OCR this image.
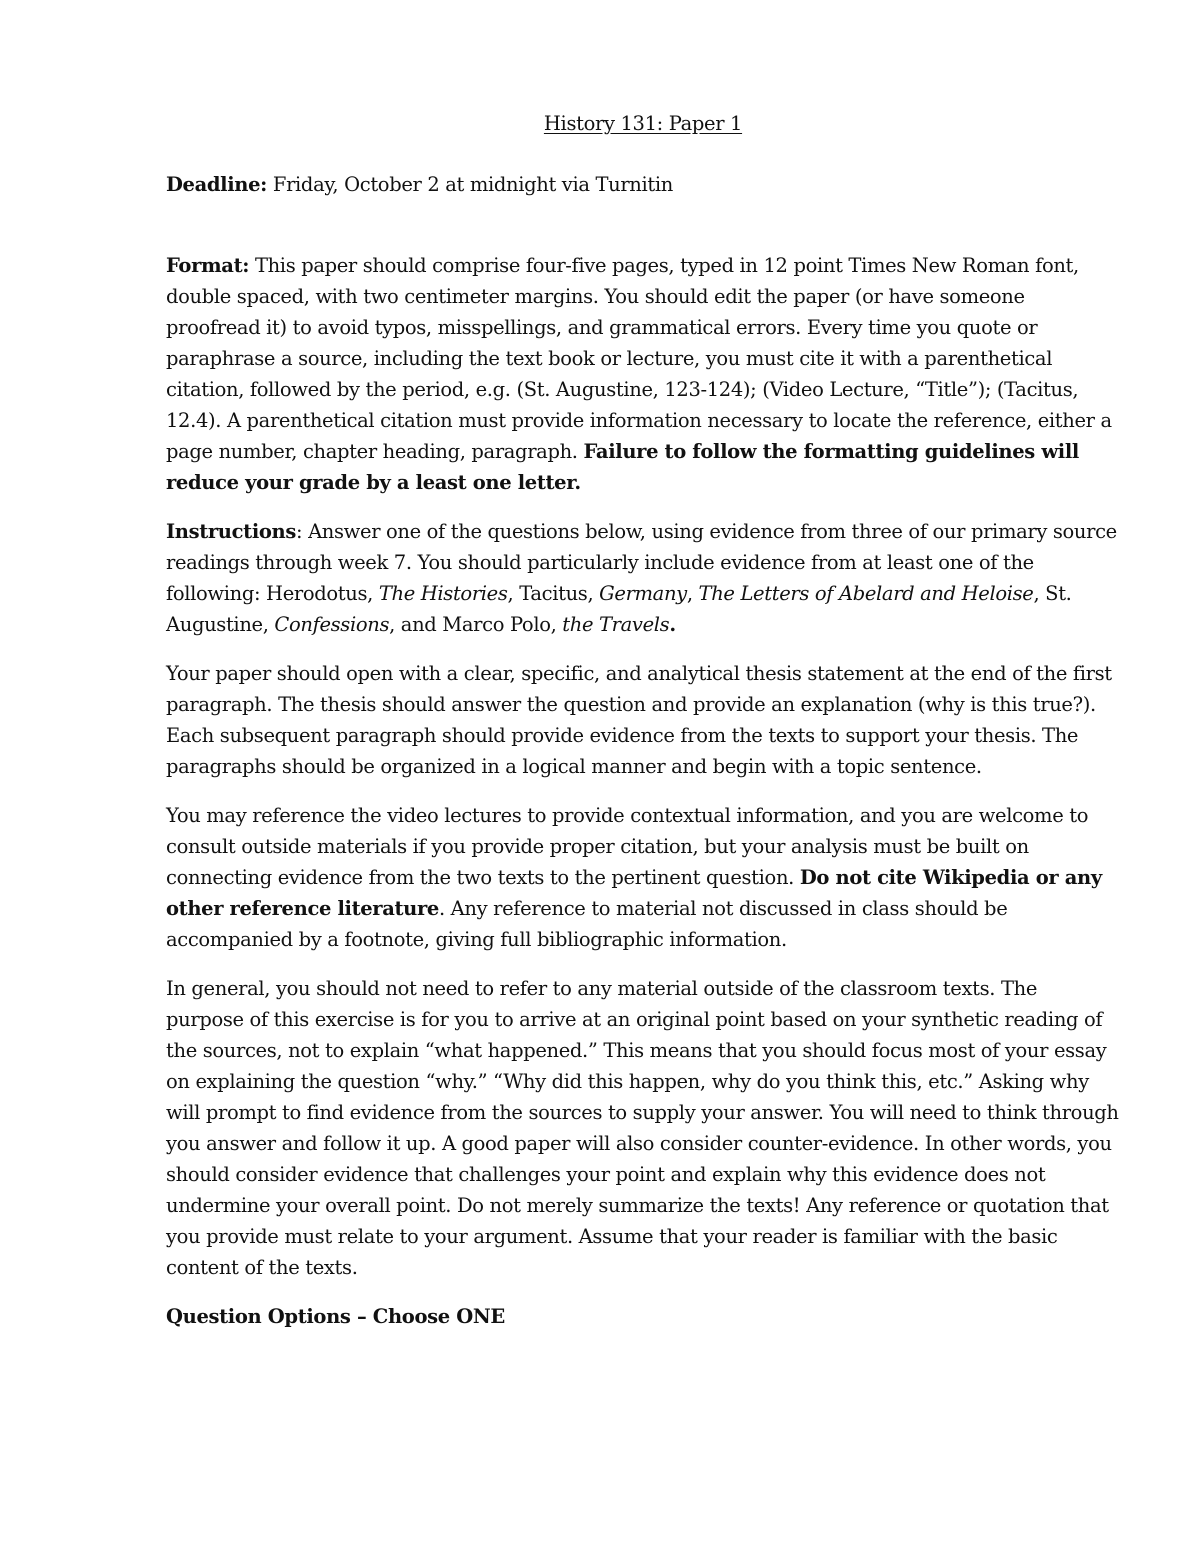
History 131: Paper 1

Deadline: Friday, October 2 at midnight via Turnitin

Format: This paper should comprise four-five pages, typed in 12 point Times New Roman font, double spaced, with two centimeter margins. You should edit the paper (or have someone proofread it) to avoid typos, misspellings, and grammatical errors. Every time you quote or paraphrase a source, including the text book or lecture, you must cite it with a parenthetical citation, followed by the period, e.g. (St. Augustine, 123-124); (Video Lecture, “Title”); (Tacitus, 12.4). A parenthetical citation must provide information necessary to locate the reference, either a page number, chapter heading, paragraph. Failure to follow the formatting guidelines will reduce your grade by a least one letter.

Instructions: Answer one of the questions below, using evidence from three of our primary source readings through week 7. You should particularly include evidence from at least one of the following: Herodotus, The Histories, Tacitus, Germany, The Letters of Abelard and Heloise, St. Augustine, Confessions, and Marco Polo, the Travels.

Your paper should open with a clear, specific, and analytical thesis statement at the end of the first paragraph. The thesis should answer the question and provide an explanation (why is this true?). Each subsequent paragraph should provide evidence from the texts to support your thesis. The paragraphs should be organized in a logical manner and begin with a topic sentence.

You may reference the video lectures to provide contextual information, and you are welcome to consult outside materials if you provide proper citation, but your analysis must be built on connecting evidence from the two texts to the pertinent question. Do not cite Wikipedia or any other reference literature. Any reference to material not discussed in class should be accompanied by a footnote, giving full bibliographic information.

In general, you should not need to refer to any material outside of the classroom texts. The purpose of this exercise is for you to arrive at an original point based on your synthetic reading of the sources, not to explain “what happened.” This means that you should focus most of your essay on explaining the question “why.” “Why did this happen, why do you think this, etc.” Asking why will prompt to find evidence from the sources to supply your answer. You will need to think through you answer and follow it up. A good paper will also consider counter-evidence. In other words, you should consider evidence that challenges your point and explain why this evidence does not undermine your overall point. Do not merely summarize the texts! Any reference or quotation that you provide must relate to your argument. Assume that your reader is familiar with the basic content of the texts.

Question Options – Choose ONE
